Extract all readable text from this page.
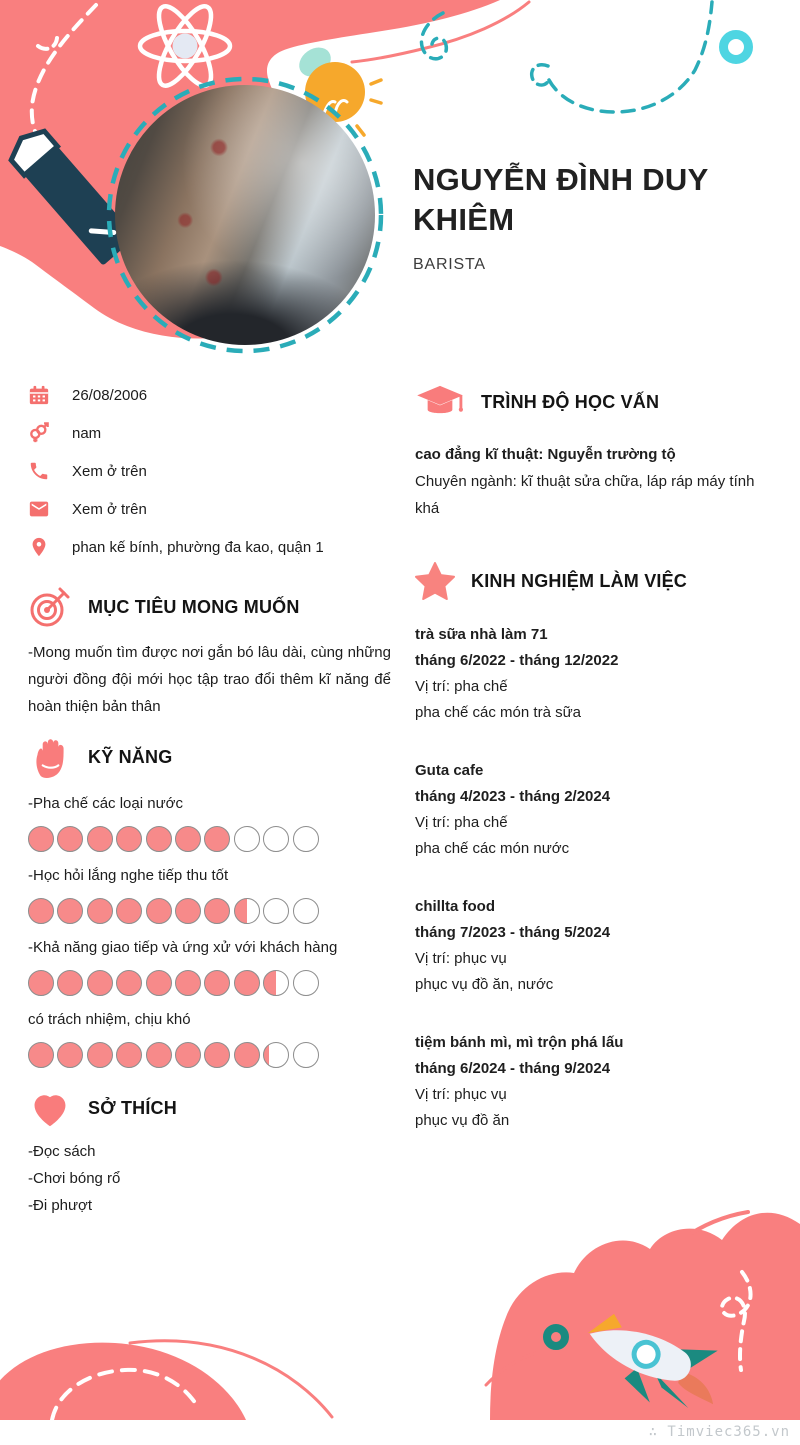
NGUYỄN ĐÌNH DUY KHIÊM
BARISTA
26/08/2006
nam
Xem ở trên
Xem ở trên
phan kế bính, phường đa kao, quận 1
MỤC TIÊU MONG MUỐN
-Mong muốn tìm được nơi gắn bó lâu dài, cùng những người đồng đội mới học tập trao đổi thêm kĩ năng để hoàn thiện bản thân
KỸ NĂNG
-Pha chế các loại nước
-Học hỏi lắng nghe tiếp thu tốt
-Khả năng giao tiếp và ứng xử với khách hàng
có trách nhiệm, chịu khó
SỞ THÍCH
-Đọc sách
-Chơi bóng rổ
-Đi phượt
TRÌNH ĐỘ HỌC VẤN
cao đẳng kĩ thuật: Nguyễn trường tộ
Chuyên ngành: kĩ thuật sửa chữa, láp ráp máy tính
khá
KINH NGHIỆM LÀM VIỆC
trà sữa nhà làm 71
tháng 6/2022 - tháng 12/2022
Vị trí: pha chế
pha chế các món trà sữa
Guta cafe
tháng 4/2023 - tháng 2/2024
Vị trí: pha chế
pha chế các món nước
chillta food
tháng 7/2023 - tháng 5/2024
Vị trí: phục vụ
phục vụ đồ ăn, nước
tiệm bánh mì, mì trộn phá lấu
tháng 6/2024 - tháng 9/2024
Vị trí: phục vụ
phục vụ đồ ăn
∴ Timviec365.vn
